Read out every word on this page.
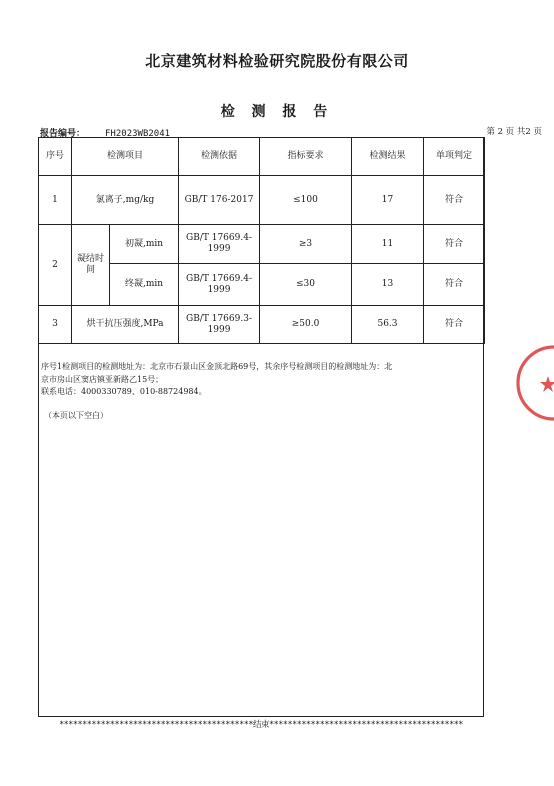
北京建筑材料检验研究院股份有限公司
检 测 报 告
报告编号： FH2023WB2041	第 2 页 共2 页
序号	检测项目		检测依据	指标要求	检测结果	单项判定
1	氯离子,mg/kg		GB/T 176-2017	≤100	17	符合
2	凝结时间	初凝,min	GB/T 17669.4-1999	≥3	11	符合
		终凝,min	GB/T 17669.4-1999	≤30	13	符合
3	烘干抗压强度,MPa		GB/T 17669.3-1999	≥50.0	56.3	符合
序号1检测项目的检测地址为：北京市石景山区金顶北路69号，其余序号检测项目的检测地址为：北
京市房山区窦店镇亚新路乙15号；
联系电话：4000330789、010-88724984。
（本页以下空白）
******************************************结束******************************************
